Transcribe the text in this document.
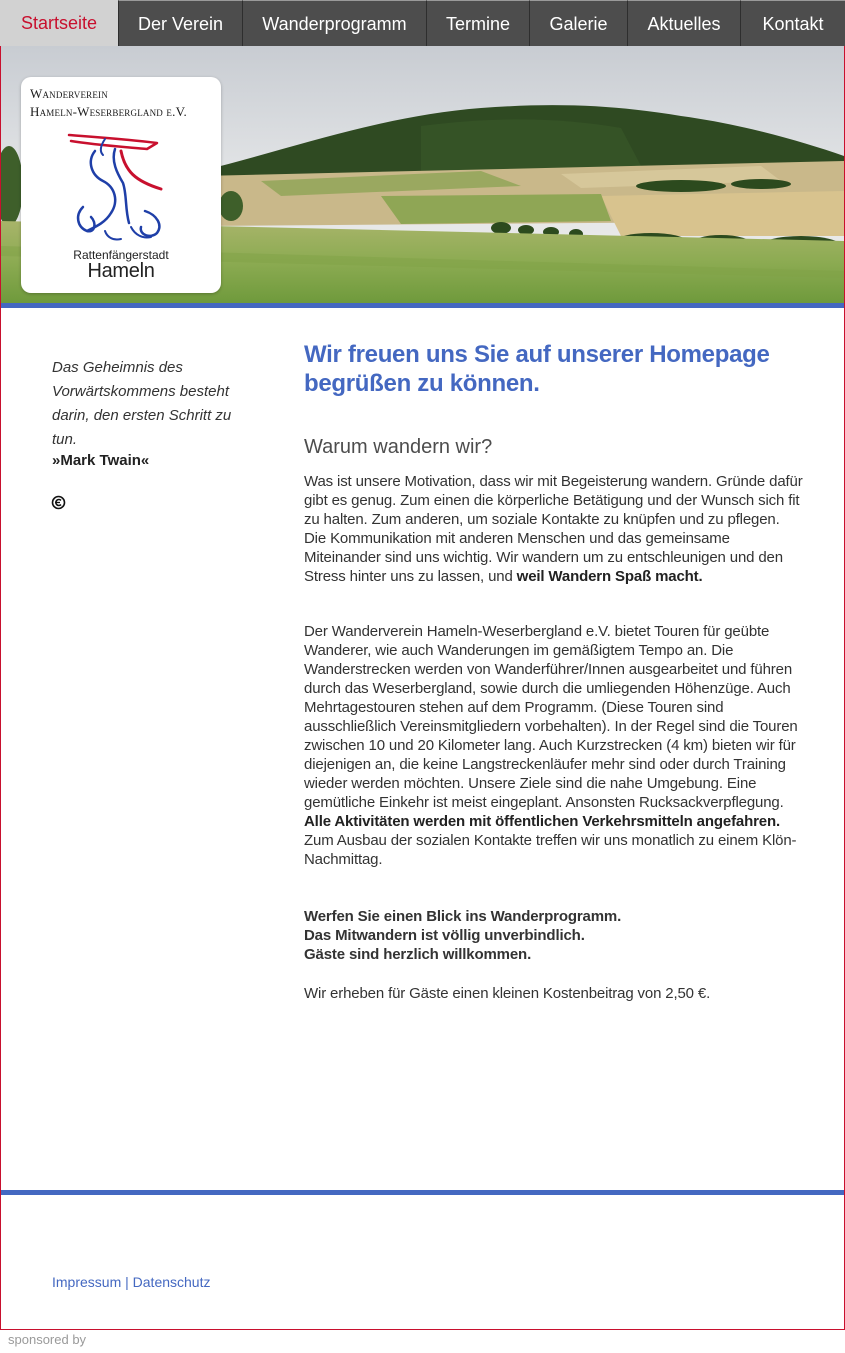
Startseite	Der Verein	Wanderprogramm	Termine	Galerie	Aktuelles	Kontakt
Wanderverein
Hameln-Weserbergland e.V.
Rattenfängerstadt
Hameln
Das Geheimnis des Vorwärtskommens besteht darin, den ersten Schritt zu tun.
»Mark Twain«
Wir freuen uns Sie auf unserer Homepage begrüßen zu können.
Warum wandern wir?

Was ist unsere Motivation, dass wir mit Begeisterung wandern. Gründe dafür gibt es genug. Zum einen die körperliche Betätigung und der Wunsch sich fit zu halten. Zum anderen, um soziale Kontakte zu knüpfen und zu pflegen. Die Kommunikation mit anderen Menschen und das gemeinsame Miteinander sind uns wichtig. Wir wandern um zu entschleunigen und den Stress hinter uns zu lassen, und weil Wandern Spaß macht.

Der Wanderverein Hameln-Weserbergland e.V. bietet Touren für geübte Wanderer, wie auch Wanderungen im gemäßigtem Tempo an. Die Wanderstrecken werden von Wanderführer/Innen ausgearbeitet und führen durch das Weserbergland, sowie durch die umliegenden Höhenzüge. Auch Mehrtagestouren stehen auf dem Programm. (Diese Touren sind ausschließlich Vereinsmitgliedern vorbehalten). In der Regel sind die Touren zwischen 10 und 20 Kilometer lang. Auch Kurzstrecken (4 km) bieten wir für diejenigen an, die keine Langstreckenläufer mehr sind oder durch Training wieder werden möchten. Unsere Ziele sind die nahe Umgebung. Eine gemütliche Einkehr ist meist eingeplant. Ansonsten Rucksackverpflegung. Alle Aktivitäten werden mit öffentlichen Verkehrsmitteln angefahren. Zum Ausbau der sozialen Kontakte treffen wir uns monatlich zu einem Klön-Nachmittag.

Werfen Sie einen Blick ins Wanderprogramm.
Das Mitwandern ist völlig unverbindlich.
Gäste sind herzlich willkommen.

Wir erheben für Gäste einen kleinen Kostenbeitrag von 2,50 €.

Impressum | Datenschutz
sponsored by
